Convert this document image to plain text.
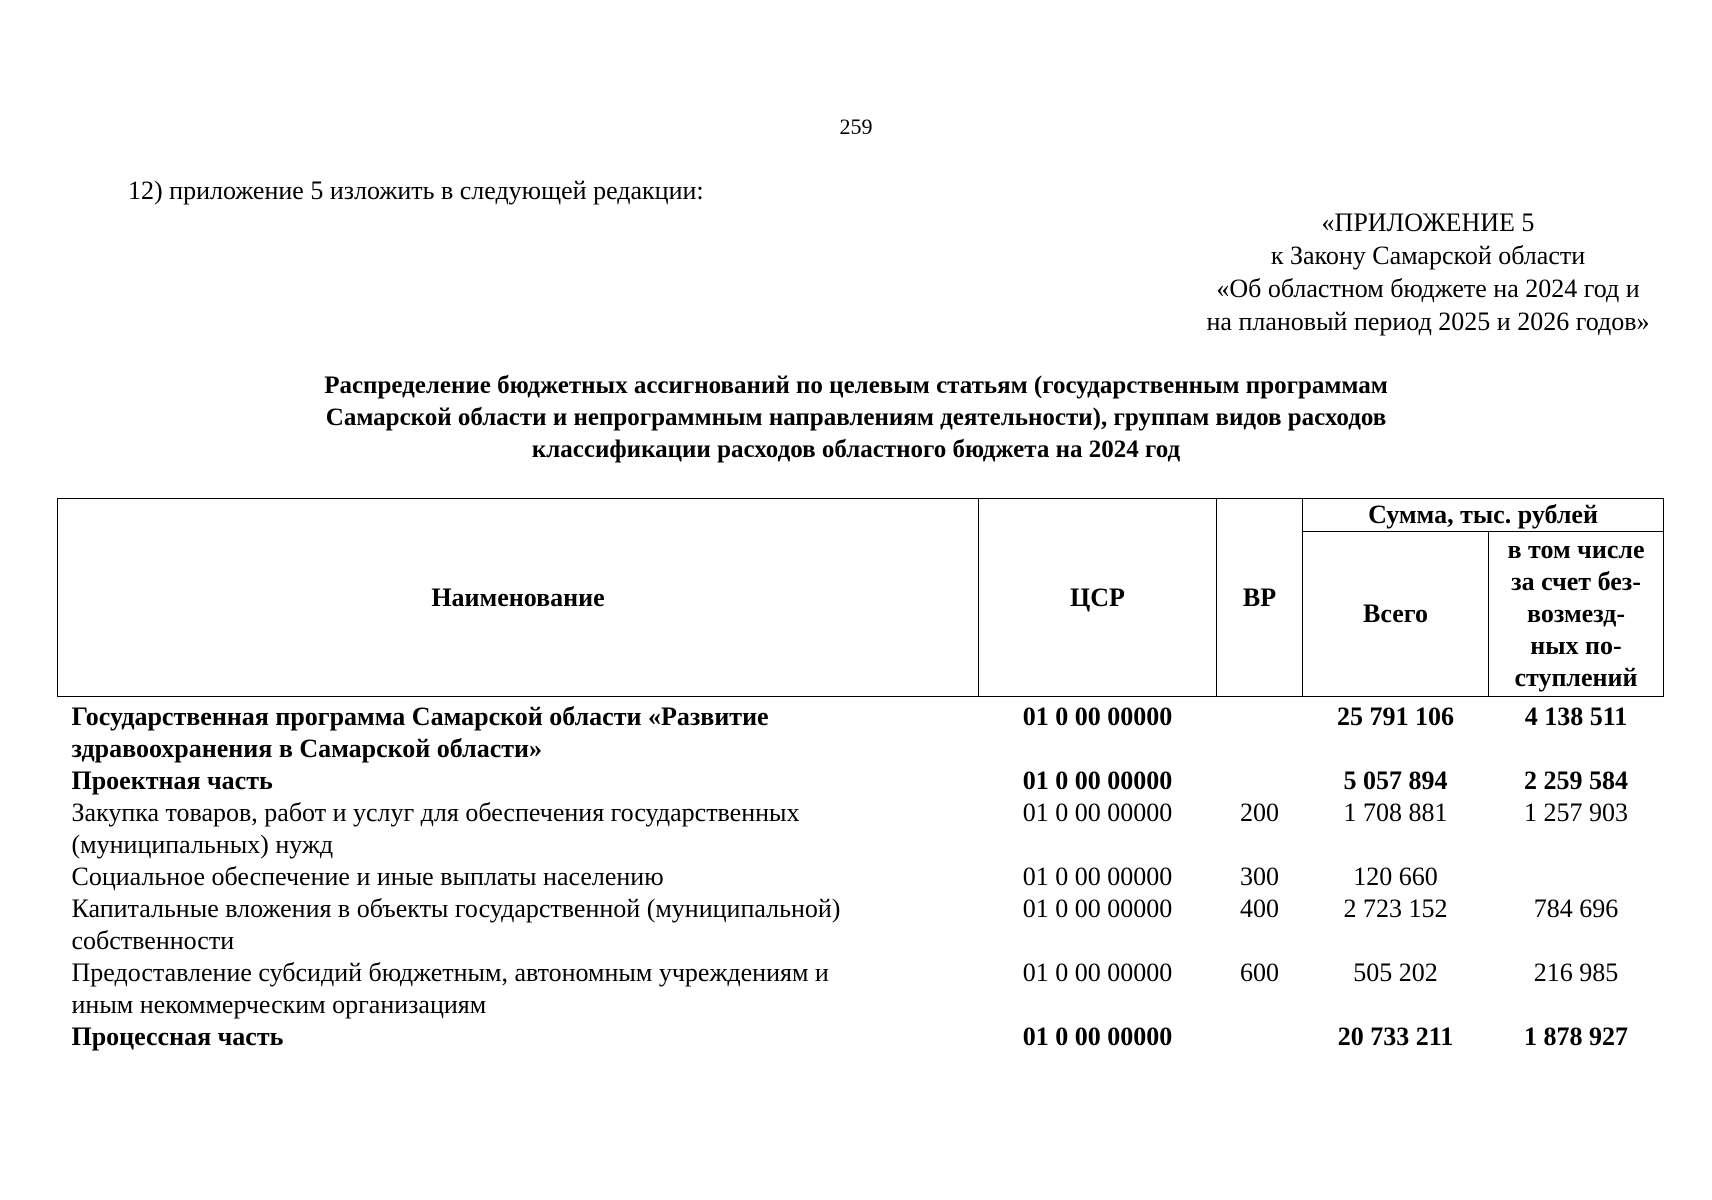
259
12) приложение 5 изложить в следующей редакции:
«ПРИЛОЖЕНИЕ 5
к Закону Самарской области
«Об областном бюджете на 2024 год и
на плановый период 2025 и 2026 годов»
Распределение бюджетных ассигнований по целевым статьям (государственным программам
Самарской области и непрограммным направлениям деятельности), группам видов расходов
классификации расходов областного бюджета на 2024 год
Наименование	ЦСР	ВР	Сумма, тыс. рублей	
			Всего	в том числе
за счет без-
возмезд-
ных по-
ступлений

Государственная программа Самарской области «Развитие
здравоохранения в Самарской области»	01 0 00 00000		25 791 106	4 138 511

Проектная часть	01 0 00 00000		5 057 894	2 259 584

Закупка товаров, работ и услуг для обеспечения государственных
(муниципальных) нужд	01 0 00 00000	200	1 708 881	1 257 903

Социальное обеспечение и иные выплаты населению	01 0 00 00000	300	120 660	

Капитальные вложения в объекты государственной (муниципальной)
собственности	01 0 00 00000	400	2 723 152	784 696

Предоставление субсидий бюджетным, автономным учреждениям и
иным некоммерческим организациям	01 0 00 00000	600	505 202	216 985

Процессная часть	01 0 00 00000		20 733 211	1 878 927
